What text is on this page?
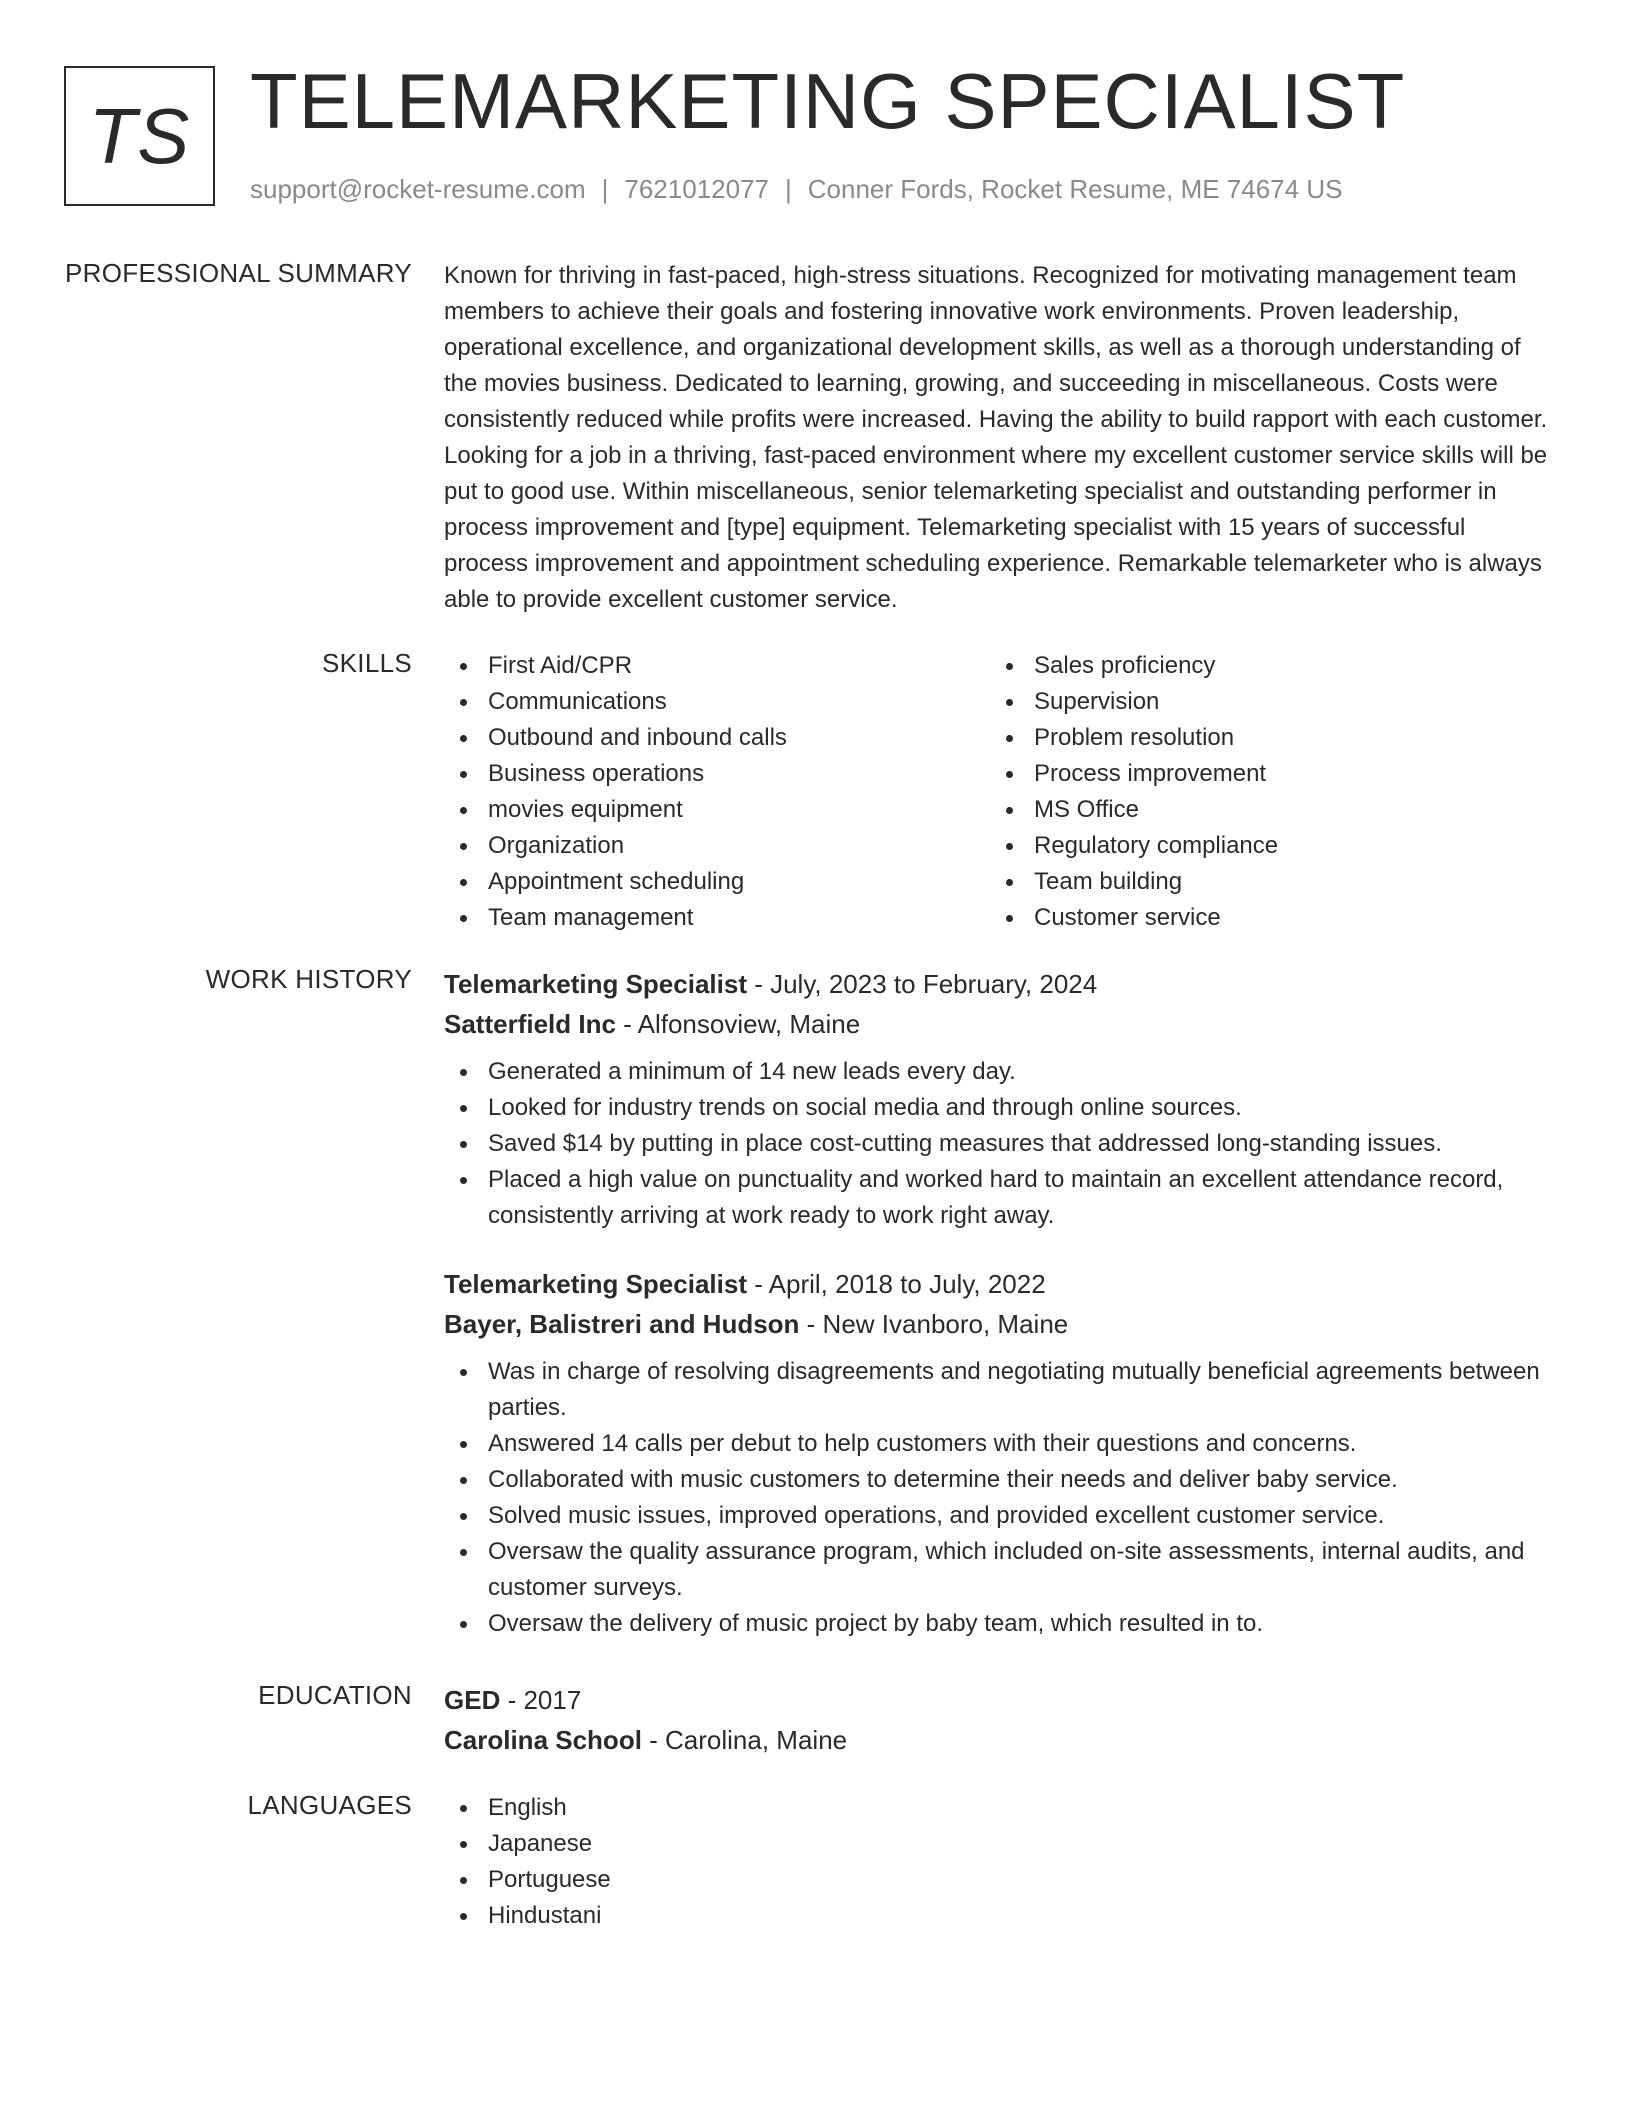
TS TELEMARKETING SPECIALIST
support@rocket-resume.com | 7621012077 | Conner Fords, Rocket Resume, ME 74674 US
PROFESSIONAL SUMMARY Known for thriving in fast-paced, high-stress situations. Recognized for motivating management team members to achieve their goals and fostering innovative work environments. Proven leadership, operational excellence, and organizational development skills, as well as a thorough understanding of the movies business. Dedicated to learning, growing, and succeeding in miscellaneous. Costs were consistently reduced while profits were increased. Having the ability to build rapport with each customer. Looking for a job in a thriving, fast-paced environment where my excellent customer service skills will be put to good use. Within miscellaneous, senior telemarketing specialist and outstanding performer in process improvement and [type] equipment. Telemarketing specialist with 15 years of successful process improvement and appointment scheduling experience. Remarkable telemarketer who is always able to provide excellent customer service.

SKILLS	First Aid/CPR
Communications
Outbound and inbound calls
Business operations
movies equipment
Organization
Appointment scheduling
Team management
Sales proficiency
Supervision
Problem resolution
Process improvement
MS Office
Regulatory compliance
Team building
Customer service
WORK HISTORY Telemarketing Specialist - July, 2023 to February, 2024
Satterfield Inc - Alfonsoview, Maine
Generated a minimum of 14 new leads every day.
Looked for industry trends on social media and through online sources.
Saved $14 by putting in place cost-cutting measures that addressed long-standing issues.
Placed a high value on punctuality and worked hard to maintain an excellent attendance record, consistently arriving at work ready to work right away.
Telemarketing Specialist - April, 2018 to July, 2022
Bayer, Balistreri and Hudson - New Ivanboro, Maine
Was in charge of resolving disagreements and negotiating mutually beneficial agreements between parties.
Answered 14 calls per debut to help customers with their questions and concerns.
Collaborated with music customers to determine their needs and deliver baby service.
Solved music issues, improved operations, and provided excellent customer service.
Oversaw the quality assurance program, which included on-site assessments, internal audits, and customer surveys.
Oversaw the delivery of music project by baby team, which resulted in to.
EDUCATION GED - 2017
Carolina School - Carolina, Maine
LANGUAGES	English
Japanese
Portuguese
Hindustani
